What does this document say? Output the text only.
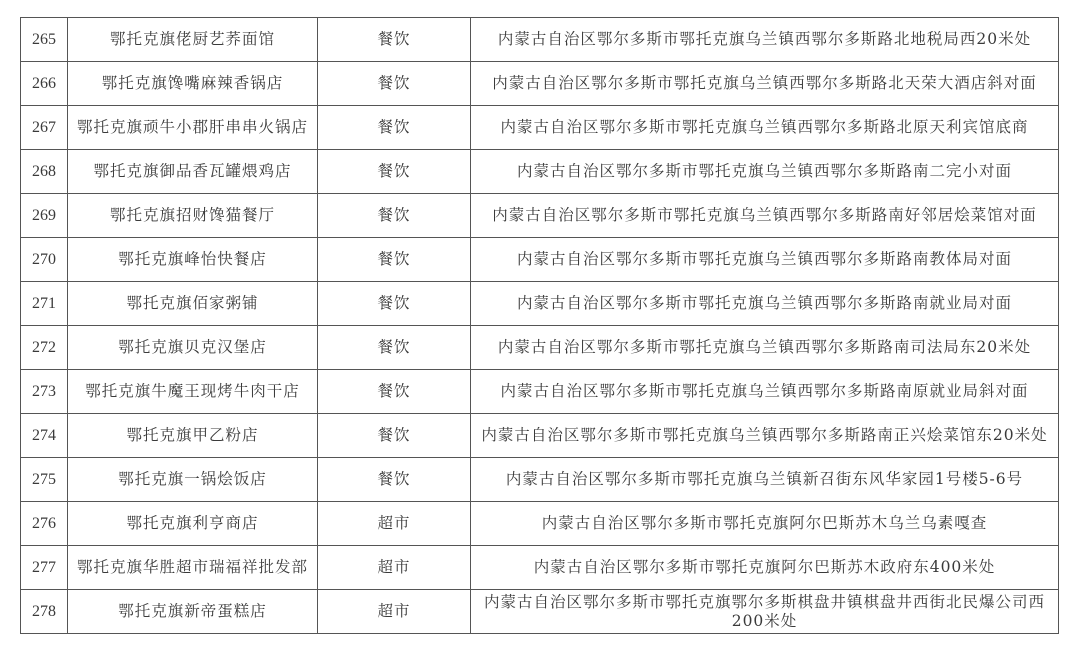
265	鄂托克旗佬厨艺荞面馆	餐饮	内蒙古自治区鄂尔多斯市鄂托克旗乌兰镇西鄂尔多斯路北地税局西20米处
266	鄂托克旗馋嘴麻辣香锅店	餐饮	内蒙古自治区鄂尔多斯市鄂托克旗乌兰镇西鄂尔多斯路北天荣大酒店斜对面
267	鄂托克旗顽牛小郡肝串串火锅店	餐饮	内蒙古自治区鄂尔多斯市鄂托克旗乌兰镇西鄂尔多斯路北原天利宾馆底商
268	鄂托克旗御品香瓦罐煨鸡店	餐饮	内蒙古自治区鄂尔多斯市鄂托克旗乌兰镇西鄂尔多斯路南二完小对面
269	鄂托克旗招财馋猫餐厅	餐饮	内蒙古自治区鄂尔多斯市鄂托克旗乌兰镇西鄂尔多斯路南好邻居烩菜馆对面
270	鄂托克旗峰怡快餐店	餐饮	内蒙古自治区鄂尔多斯市鄂托克旗乌兰镇西鄂尔多斯路南教体局对面
271	鄂托克旗佰家粥铺	餐饮	内蒙古自治区鄂尔多斯市鄂托克旗乌兰镇西鄂尔多斯路南就业局对面
272	鄂托克旗贝克汉堡店	餐饮	内蒙古自治区鄂尔多斯市鄂托克旗乌兰镇西鄂尔多斯路南司法局东20米处
273	鄂托克旗牛魔王现烤牛肉干店	餐饮	内蒙古自治区鄂尔多斯市鄂托克旗乌兰镇西鄂尔多斯路南原就业局斜对面
274	鄂托克旗甲乙粉店	餐饮	内蒙古自治区鄂尔多斯市鄂托克旗乌兰镇西鄂尔多斯路南正兴烩菜馆东20米处
275	鄂托克旗一锅烩饭店	餐饮	内蒙古自治区鄂尔多斯市鄂托克旗乌兰镇新召街东风华家园1号楼5-6号
276	鄂托克旗利亨商店	超市	内蒙古自治区鄂尔多斯市鄂托克旗阿尔巴斯苏木乌兰乌素嘎查
277	鄂托克旗华胜超市瑞福祥批发部	超市	内蒙古自治区鄂尔多斯市鄂托克旗阿尔巴斯苏木政府东400米处
278	鄂托克旗新帝蛋糕店	超市	内蒙古自治区鄂尔多斯市鄂托克旗鄂尔多斯棋盘井镇棋盘井西街北民爆公司西200米处
